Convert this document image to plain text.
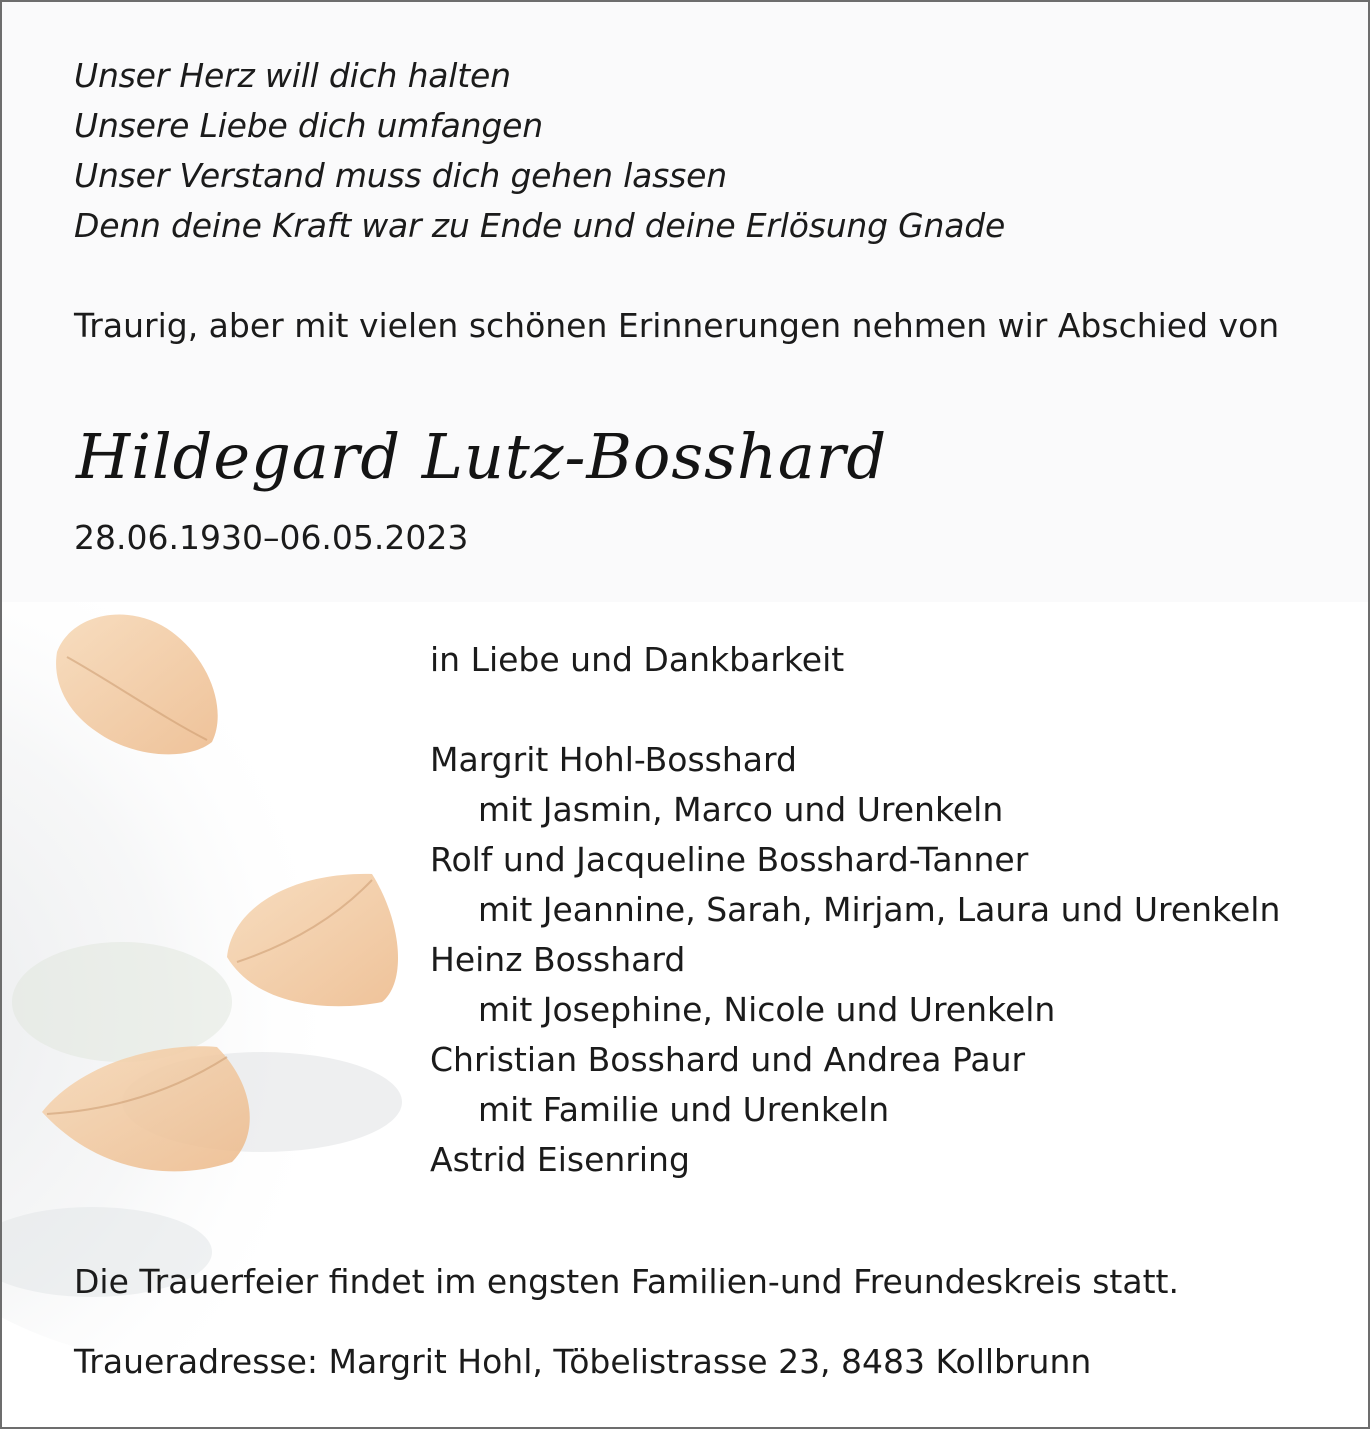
Unser Herz will dich halten
Unsere Liebe dich umfangen
Unser Verstand muss dich gehen lassen
Denn deine Kraft war zu Ende und deine Erlösung Gnade
Traurig, aber mit vielen schönen Erinnerungen nehmen wir Abschied von
Hildegard Lutz-Bosshard
28.06.1930–06.05.2023
in Liebe und Dankbarkeit
Margrit Hohl-Bosshard
mit Jasmin, Marco und Urenkeln
Rolf und Jacqueline Bosshard-Tanner
mit Jeannine, Sarah, Mirjam, Laura und Urenkeln
Heinz Bosshard
mit Josephine, Nicole und Urenkeln
Christian Bosshard und Andrea Paur
mit Familie und Urenkeln
Astrid Eisenring
Die Trauerfeier findet im engsten Familien-und Freundeskreis statt.
Traueradresse: Margrit Hohl, Töbelistrasse 23, 8483 Kollbrunn
